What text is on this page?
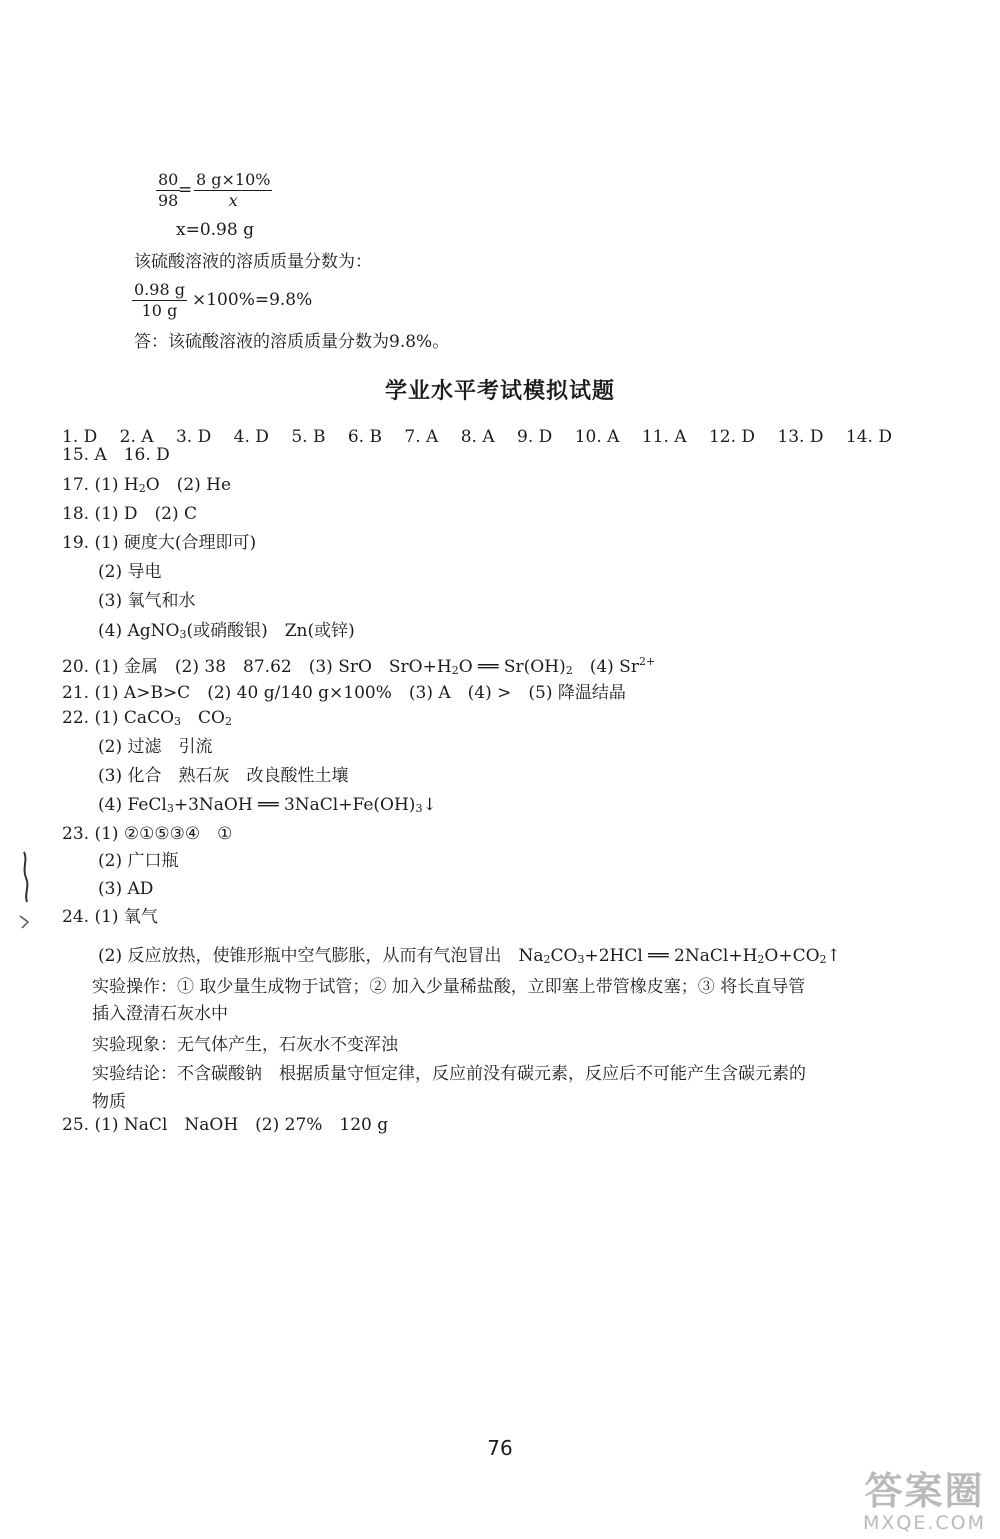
$\frac{80}{98}$
= $\frac{8 g\times 10\%}{x}$
x=0.98 g
该硫酸溶液的溶质质量分数为：
$\frac{0.98 g}{10 g} \times 100\%=9.8\%$
答：该硫酸溶液的溶质质量分数为9.8%。
学业水平考试模拟试题
1. D 2. A 3. D 4. D 5. B 6. B 7. A 8. A 9. D 10. A 11. A 12. D 13. D 14. D
15. A　16. D
17. (1) $H_2O$　(2) He
18. (1) D　(2) C
19. (1) 硬度大(合理即可)
(2) 导电
(3) 氧气和水
(4) AgNO$_3$(或硝酸银)　Zn(或锌)
20. (1) 金属　(2) 38　87.62　(3) SrO　$SrO+H_2O$ ══ $Sr(OH)_2$　(4) $Sr^{2+}$
21. (1) A>B>C　(2) 40 g/140 g×100%　(3) A　(4) >　(5) 降温结晶
22. (1) CaCO$_3$　$CO_2$
(2) 过滤　引流
(3) 化合　熟石灰　改良酸性土壤
(4) FeCl$_3$+3NaOH ══ $3NaCl+Fe(OH)_3↓$
23. (1) ②①⑤③④　①
(2) 广口瓶
(3) AD
24. (1) 氧气
(2) 反应放热，使锥形瓶中空气膨胀，从而有气泡冒出　$Na_2CO_3+2HCl$ ══ $2NaCl+H_2O+CO_2↑$
实验操作：① 取少量生成物于试管；② 加入少量稀盐酸，立即塞上带管橡皮塞；③ 将长直导管
插入澄清石灰水中
实验现象：无气体产生，石灰水不变浑浊
实验结论：不含碳酸钠　根据质量守恒定律，反应前没有碳元素，反应后不可能产生含碳元素的
物质
25. (1) NaCl　NaOH　(2) 27%　120 g
76
答案圈
MXQE.COM
